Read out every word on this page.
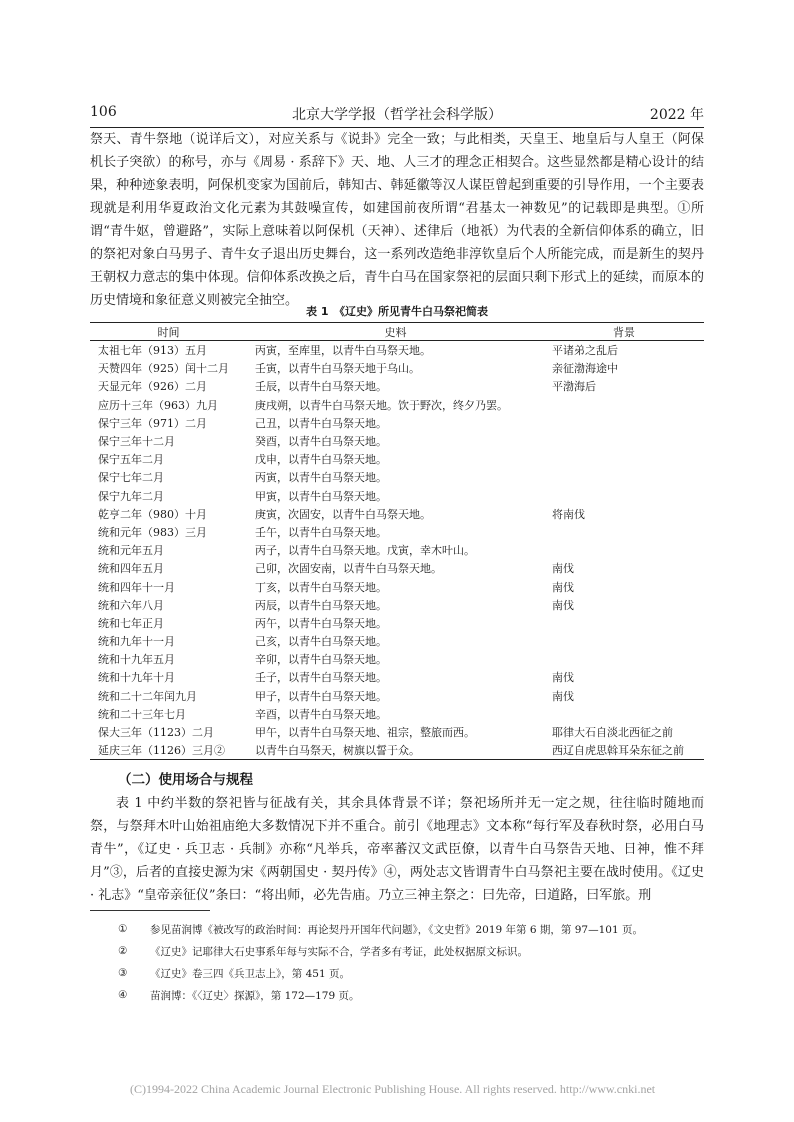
106	北京大学学报（哲学社会科学版）	2022 年

祭天、青牛祭地（说详后文），对应关系与《说卦》完全一致；与此相类，天皇王、地皇后与人皇王（阿保机长子突欲）的称号，亦与《周易 · 系辞下》天、地、人三才的理念正相契合。这些显然都是精心设计的结果，种种迹象表明，阿保机变家为国前后，韩知古、韩延徽等汉人谋臣曾起到重要的引导作用，一个主要表现就是利用华夏政治文化元素为其鼓噪宣传，如建国前夜所谓“君基太一神数见”的记载即是典型。①所谓“青牛妪，曾避路”，实际上意味着以阿保机（天神）、述律后（地祇）为代表的全新信仰体系的确立，旧的祭祀对象白马男子、青牛女子退出历史舞台，这一系列改造绝非淳钦皇后个人所能完成，而是新生的契丹王朝权力意志的集中体现。信仰体系改换之后，青牛白马在国家祭祀的层面只剩下形式上的延续，而原本的历史情境和象征意义则被完全抽空。

表 1　《辽史》所见青牛白马祭祀简表
时间	史料	背景
太祖七年（913）五月	丙寅，至库里，以青牛白马祭天地。	平诸弟之乱后
天赞四年（925）闰十二月	壬寅，以青牛白马祭天地于乌山。	亲征渤海途中
天显元年（926）二月	壬辰，以青牛白马祭天地。	平渤海后
应历十三年（963）九月	庚戌朔，以青牛白马祭天地。饮于野次，终夕乃罢。	
保宁三年（971）二月	己丑，以青牛白马祭天地。	
保宁三年十二月	癸酉，以青牛白马祭天地。	
保宁五年二月	戊申，以青牛白马祭天地。	
保宁七年二月	丙寅，以青牛白马祭天地。	
保宁九年二月	甲寅，以青牛白马祭天地。	
乾亨二年（980）十月	庚寅，次固安，以青牛白马祭天地。	将南伐
统和元年（983）三月	壬午，以青牛白马祭天地。	
统和元年五月	丙子，以青牛白马祭天地。戊寅，幸木叶山。	
统和四年五月	己卯，次固安南，以青牛白马祭天地。	南伐
统和四年十一月	丁亥，以青牛白马祭天地。	南伐
统和六年八月	丙辰，以青牛白马祭天地。	南伐
统和七年正月	丙午，以青牛白马祭天地。	
统和九年十一月	己亥，以青牛白马祭天地。	
统和十九年五月	辛卯，以青牛白马祭天地。	
统和十九年十月	壬子，以青牛白马祭天地。	南伐
统和二十二年闰九月	甲子，以青牛白马祭天地。	南伐
统和二十三年七月	辛酉，以青牛白马祭天地。	
保大三年（1123）二月	甲午，以青牛白马祭天地、祖宗，整旅而西。	耶律大石自淡北西征之前
延庆三年（1126）三月②	以青牛白马祭天，树旗以誓于众。	西辽自虎思斡耳朵东征之前
（二）使用场合与规程

表 1 中约半数的祭祀皆与征战有关，其余具体背景不详；祭祀场所并无一定之规，往往临时随地而祭，与祭拜木叶山始祖庙绝大多数情况下并不重合。前引《地理志》文本称“每行军及春秋时祭，必用白马青牛”，《辽史 · 兵卫志 · 兵制》亦称“凡举兵，帝率蕃汉文武臣僚，以青牛白马祭告天地、日神，惟不拜月”③，后者的直接史源为宋《两朝国史 · 契丹传》④，两处志文皆谓青牛白马祭祀主要在战时使用。《辽史 · 礼志》“皇帝亲征仪”条曰：“将出师，必先告庙。乃立三神主祭之：曰先帝，曰道路，曰军旅。刑

①	参见苗润博《被改写的政治时间：再论契丹开国年代问题》，《文史哲》2019 年第 6 期，第 97—101 页。
②	《辽史》记耶律大石史事系年每与实际不合，学者多有考证，此处权据原文标识。
③	《辽史》卷三四《兵卫志上》，第 451 页。
④	苗润博：《〈辽史〉探源》，第 172—179 页。
(C)1994-2022 China Academic Journal Electronic Publishing House. All rights reserved. http://www.cnki.net
